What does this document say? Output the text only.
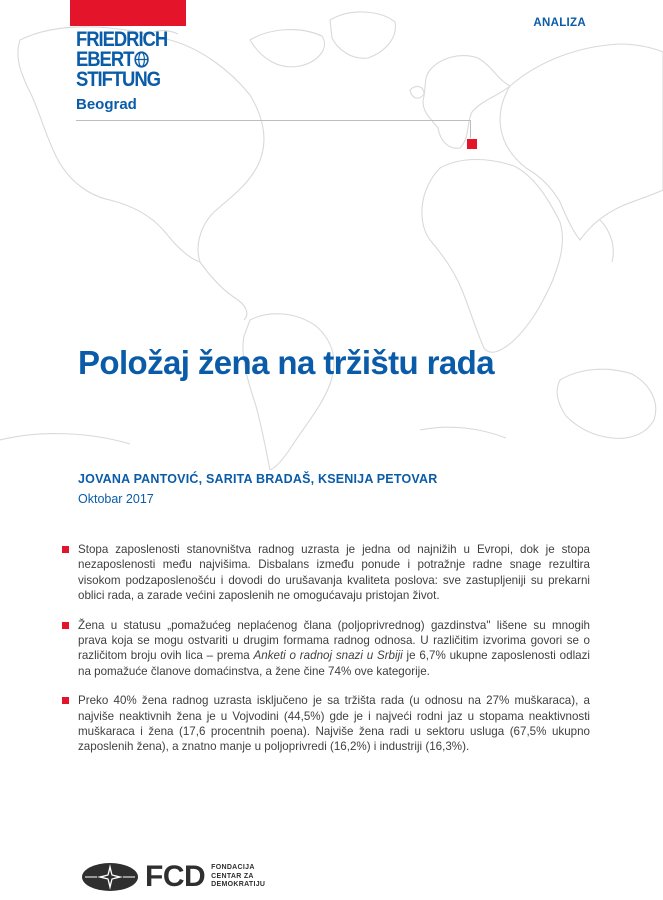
FRIEDRICH
EBERT
STIFTUNG
Beograd
ANALIZA
Položaj žena na tržištu rada
JOVANA PANTOVIĆ, SARITA BRADAŠ, KSENIJA PETOVAR
Oktobar 2017
Stopa zaposlenosti stanovništva radnog uzrasta je jedna od najnižih u Evropi, dok je stopa nezaposlenosti među najvišima. Disbalans između ponude i potražnje radne snage rezultira visokom podzaposlenošću i dovodi do urušavanja kvaliteta poslova: sve zastupljeniji su prekarni oblici rada, a zarade većini zaposlenih ne omogućavaju pristojan život.
Žena u statusu „pomažućeg neplaćenog člana (poljoprivrednog) gazdinstva" lišene su mnogih prava koja se mogu ostvariti u drugim formama radnog odnosa. U različitim izvorima govori se o različitom broju ovih lica – prema Anketi o radnoj snazi u Srbiji je 6,7% ukupne zaposlenosti odlazi na pomažuće članove domaćinstva, a žene čine 74% ove kategorije.
Preko 40% žena radnog uzrasta isključeno je sa tržišta rada (u odnosu na 27% muškaraca), a najviše neaktivnih žena je u Vojvodini (44,5%) gde je i najveći rodni jaz u stopama neaktivnosti muškaraca i žena (17,6 procentnih poena). Najviše žena radi u sektoru usluga (67,5% ukupno zaposlenih žena), a znatno manje u poljoprivredi (16,2%) i industriji (16,3%).
FCD FONDACIJA
CENTAR ZA
DEMOKRATIJU
